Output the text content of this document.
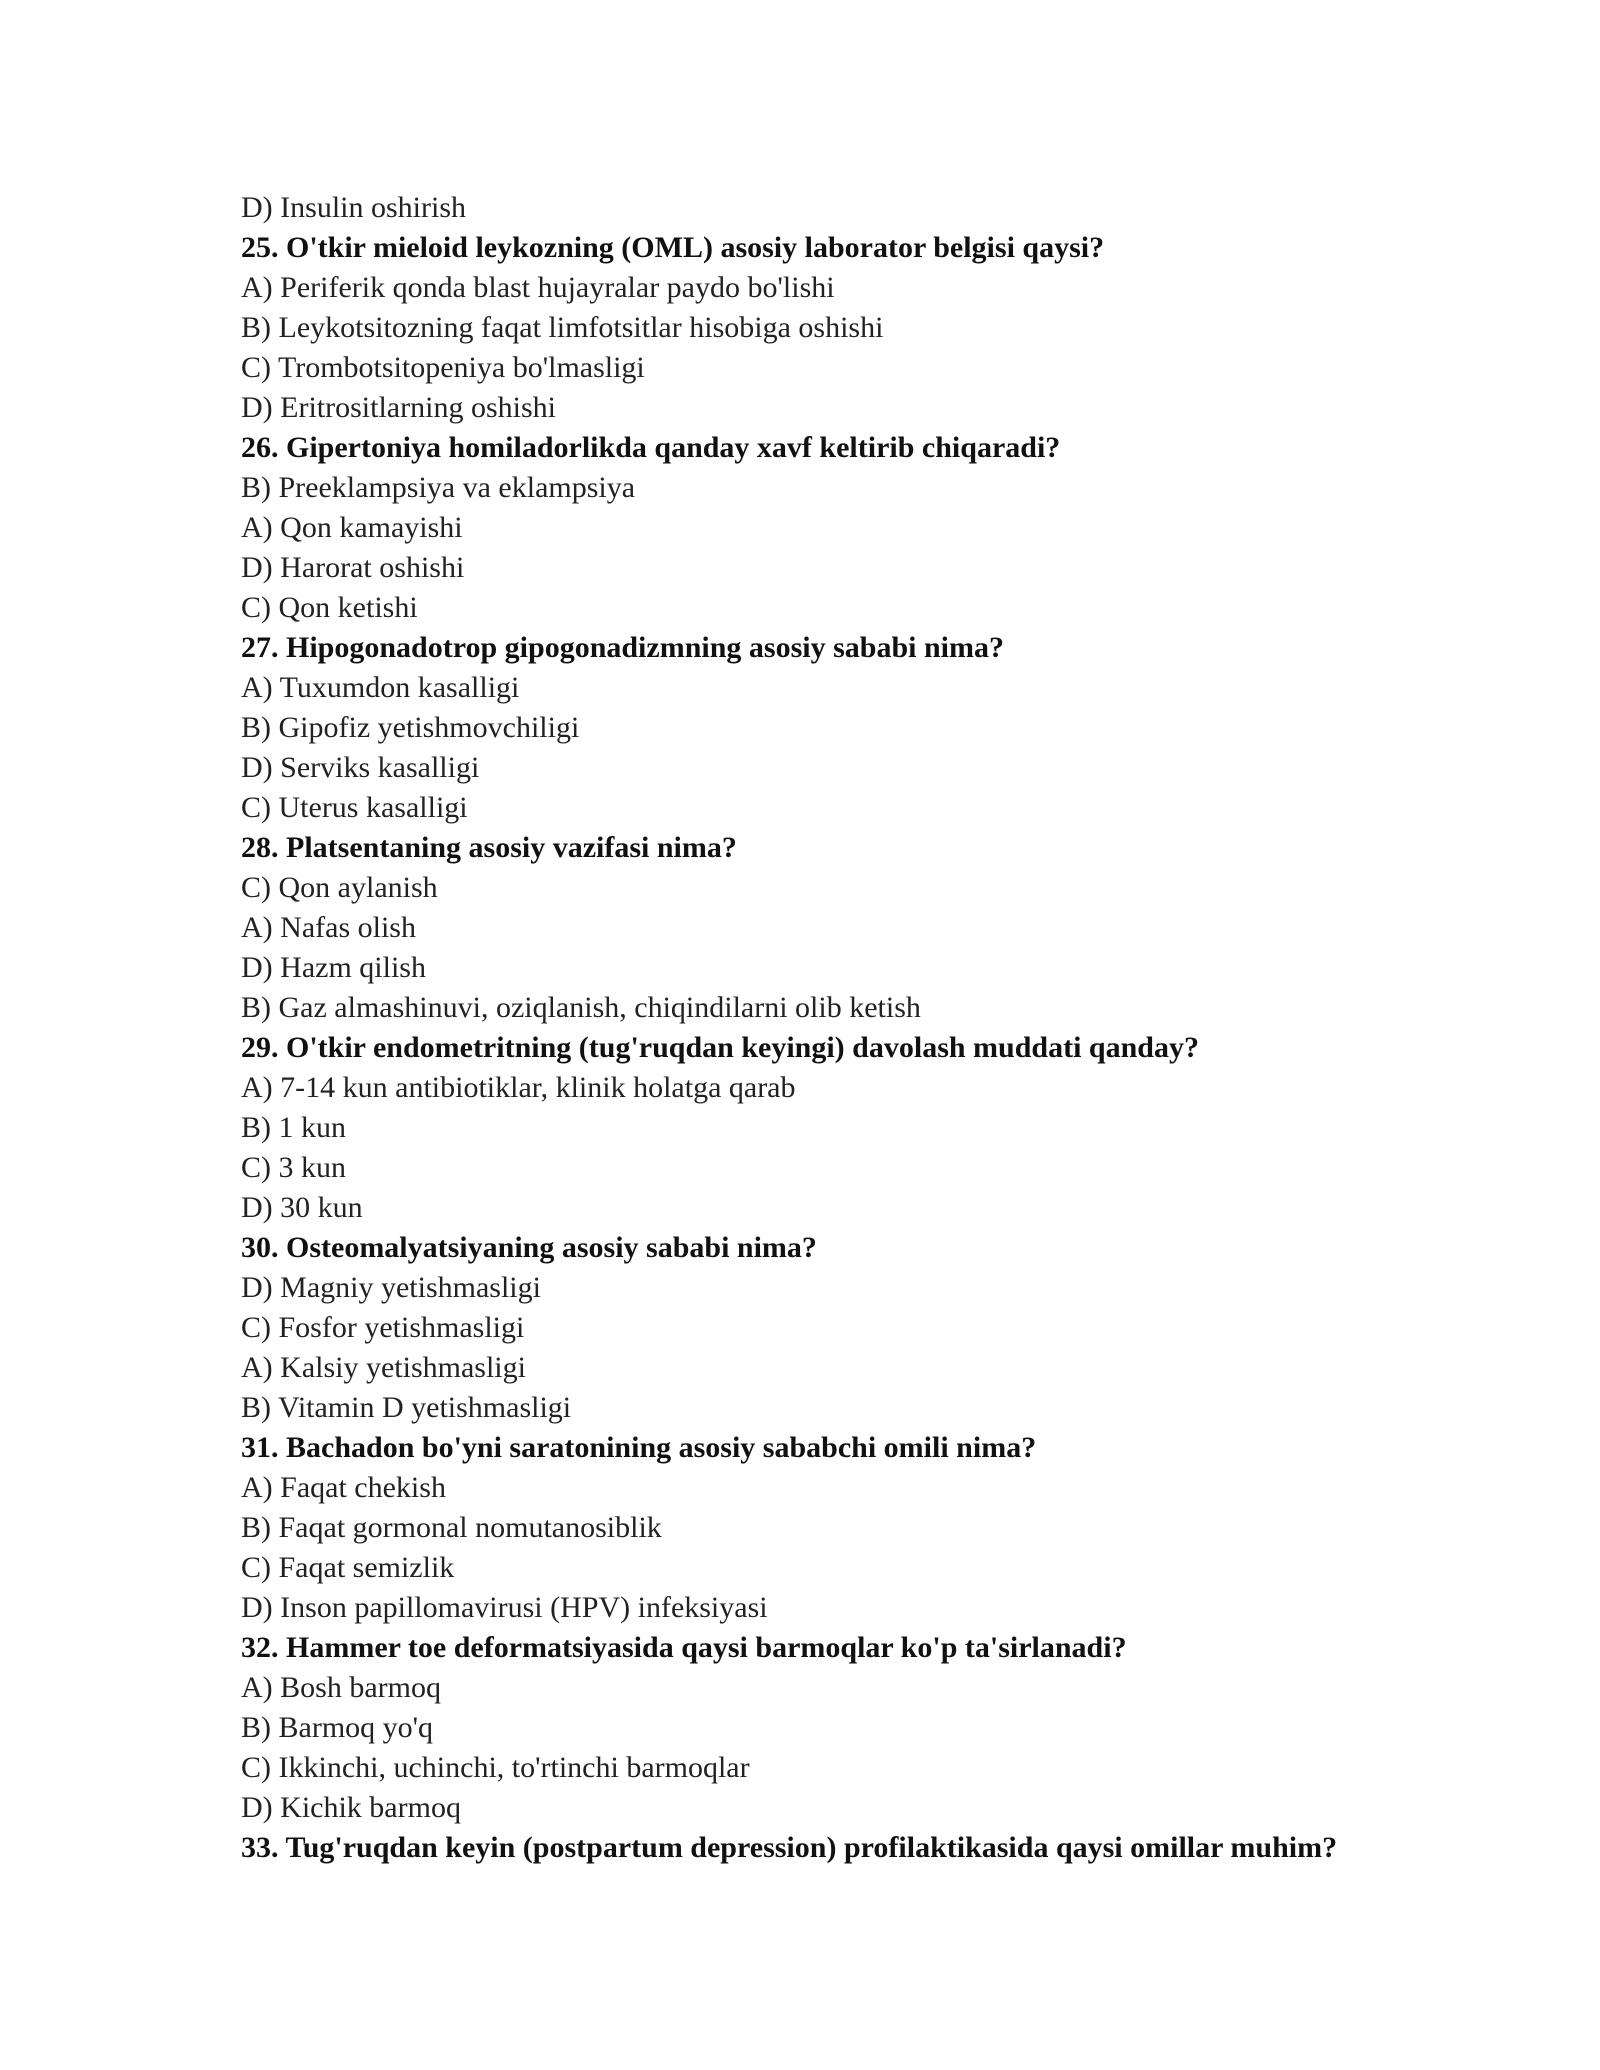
D) Insulin oshirish
25. O'tkir mieloid leykozning (OML) asosiy laborator belgisi qaysi?
A) Periferik qonda blast hujayralar paydo bo'lishi
B) Leykotsitozning faqat limfotsitlar hisobiga oshishi
C) Trombotsitopeniya bo'lmasligi
D) Eritrositlarning oshishi
26. Gipertoniya homiladorlikda qanday xavf keltirib chiqaradi?
B) Preeklampsiya va eklampsiya
A) Qon kamayishi
D) Harorat oshishi
C) Qon ketishi
27. Hipogonadotrop gipogonadizmning asosiy sababi nima?
A) Tuxumdon kasalligi
B) Gipofiz yetishmovchiligi
D) Serviks kasalligi
C) Uterus kasalligi
28. Platsentaning asosiy vazifasi nima?
C) Qon aylanish
A) Nafas olish
D) Hazm qilish
B) Gaz almashinuvi, oziqlanish, chiqindilarni olib ketish
29. O'tkir endometritning (tug'ruqdan keyingi) davolash muddati qanday?
A) 7-14 kun antibiotiklar, klinik holatga qarab
B) 1 kun
C) 3 kun
D) 30 kun
30. Osteomalyatsiyaning asosiy sababi nima?
D) Magniy yetishmasligi
C) Fosfor yetishmasligi
A) Kalsiy yetishmasligi
B) Vitamin D yetishmasligi
31. Bachadon bo'yni saratonining asosiy sababchi omili nima?
A) Faqat chekish
B) Faqat gormonal nomutanosiblik
C) Faqat semizlik
D) Inson papillomavirusi (HPV) infeksiyasi
32. Hammer toe deformatsiyasida qaysi barmoqlar ko'p ta'sirlanadi?
A) Bosh barmoq
B) Barmoq yo'q
C) Ikkinchi, uchinchi, to'rtinchi barmoqlar
D) Kichik barmoq
33. Tug'ruqdan keyin (postpartum depression) profilaktikasida qaysi omillar muhim?
